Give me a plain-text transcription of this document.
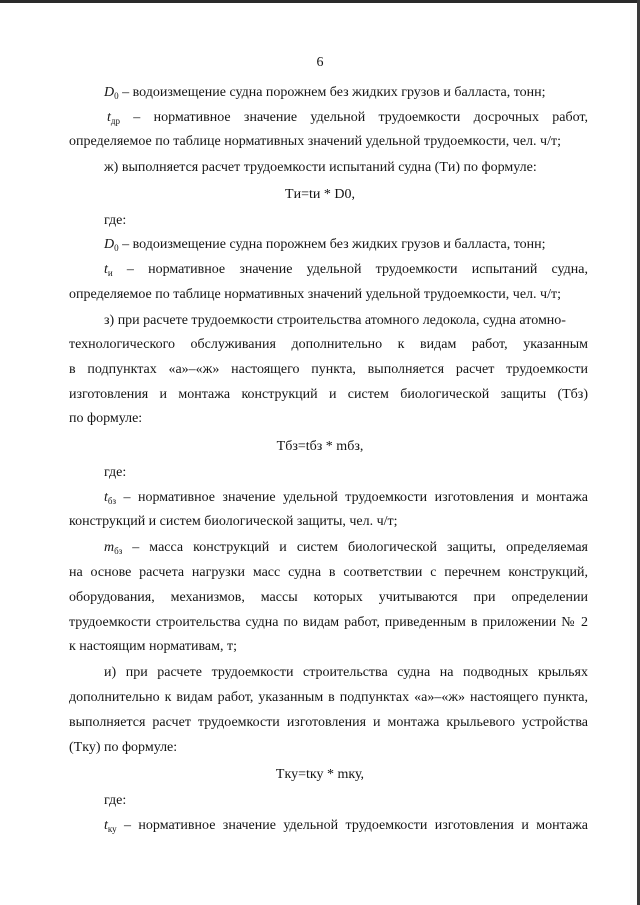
6
$D_0$ – водоизмещение судна порожнем без жидких грузов и балласта, тонн;
$t_{др}$ – нормативное значение удельной трудоемкости досрочных работ,
определяемое по таблице нормативных значений удельной трудоемкости, чел. ч/т;
ж) выполняется расчет трудоемкости испытаний судна (Tи) по формуле:
Tи=tи * D0,
где:
$D_0$ – водоизмещение судна порожнем без жидких грузов и балласта, тонн;
$t_и$ – нормативное значение удельной трудоемкости испытаний судна,
определяемое по таблице нормативных значений удельной трудоемкости, чел. ч/т;
з) при расчете трудоемкости строительства атомного ледокола, судна атомно-
технологического обслуживания дополнительно к видам работ, указанным
в подпунктах «а»–«ж» настоящего пункта, выполняется расчет трудоемкости
изготовления и монтажа конструкций и систем биологической защиты (Tбз)
по формуле:
Tбз=tбз * mбз,
где:
$t_{бз}$ – нормативное значение удельной трудоемкости изготовления и монтажа
конструкций и систем биологической защиты, чел. ч/т;
$m_{бз}$ – масса конструкций и систем биологической защиты, определяемая
на основе расчета нагрузки масс судна в соответствии с перечнем конструкций,
оборудования, механизмов, массы которых учитываются при определении
трудоемкости строительства судна по видам работ, приведенным в приложении № 2
к настоящим нормативам, т;
и) при расчете трудоемкости строительства судна на подводных крыльях
дополнительно к видам работ, указанным в подпунктах «а»–«ж» настоящего пункта,
выполняется расчет трудоемкости изготовления и монтажа крыльевого устройства
(Tку) по формуле:
Tку=tку * mку,
где:
$t_{ку}$ – нормативное значение удельной трудоемкости изготовления и монтажа
